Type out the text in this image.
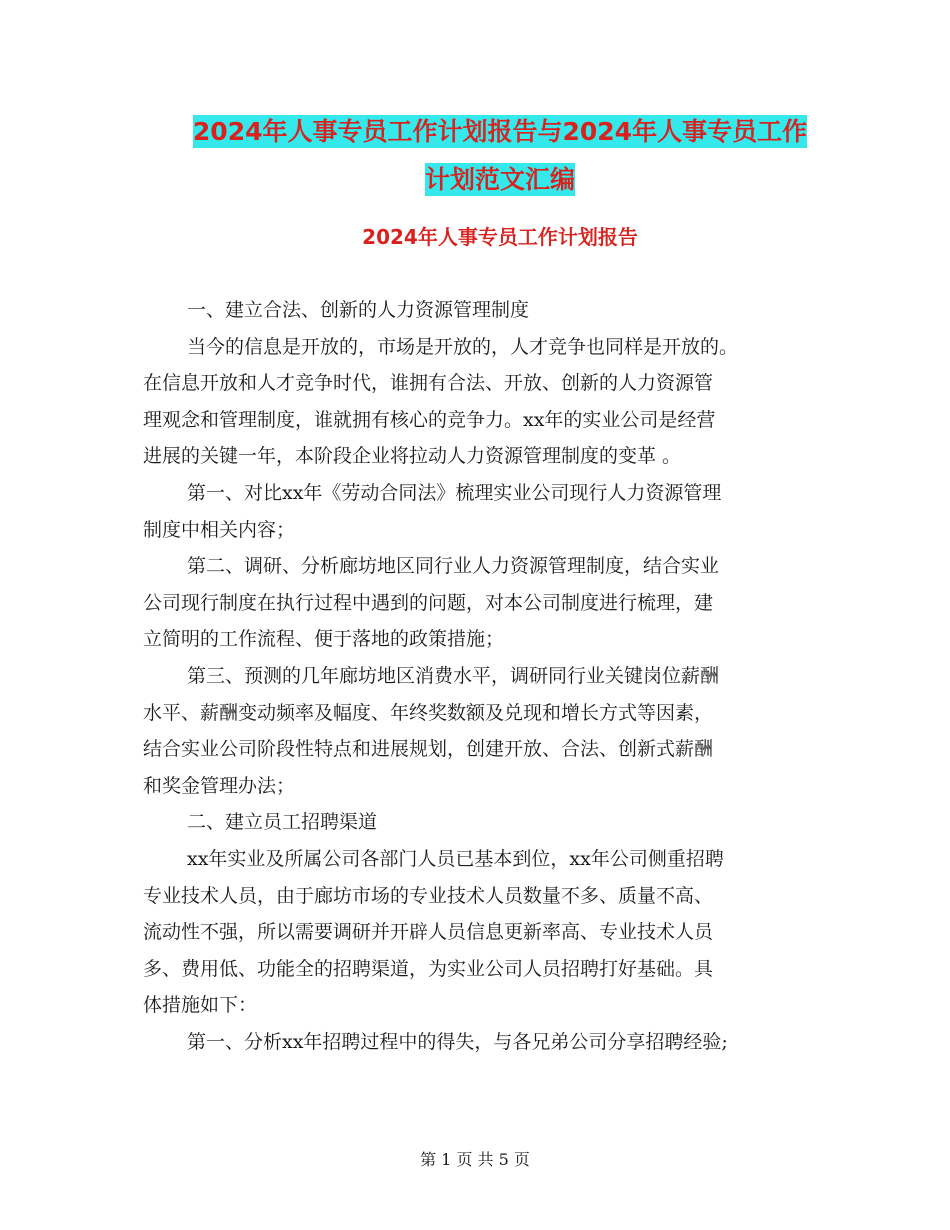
2024年人事专员工作计划报告与2024年人事专员工作
计划范文汇编
2024年人事专员工作计划报告
一、建立合法、创新的人力资源管理制度
当今的信息是开放的，市场是开放的，人才竞争也同样是开放的。
在信息开放和人才竞争时代，谁拥有合法、开放、创新的人力资源管
理观念和管理制度，谁就拥有核心的竞争力。xx年的实业公司是经营
进展的关键一年，本阶段企业将拉动人力资源管理制度的变革 。
第一、对比xx年《劳动合同法》梳理实业公司现行人力资源管理
制度中相关内容；
第二、调研、分析廊坊地区同行业人力资源管理制度，结合实业
公司现行制度在执行过程中遇到的问题，对本公司制度进行梳理，建
立简明的工作流程、便于落地的政策措施；
第三、预测的几年廊坊地区消费水平，调研同行业关键岗位薪酬
水平、薪酬变动频率及幅度、年终奖数额及兑现和增长方式等因素，
结合实业公司阶段性特点和进展规划，创建开放、合法、创新式薪酬
和奖金管理办法；
二、建立员工招聘渠道
xx年实业及所属公司各部门人员已基本到位，xx年公司侧重招聘
专业技术人员，由于廊坊市场的专业技术人员数量不多、质量不高、
流动性不强，所以需要调研并开辟人员信息更新率高、专业技术人员
多、费用低、功能全的招聘渠道，为实业公司人员招聘打好基础。具
体措施如下：
第一、分析xx年招聘过程中的得失，与各兄弟公司分享招聘经验;
第 1 页 共 5 页
